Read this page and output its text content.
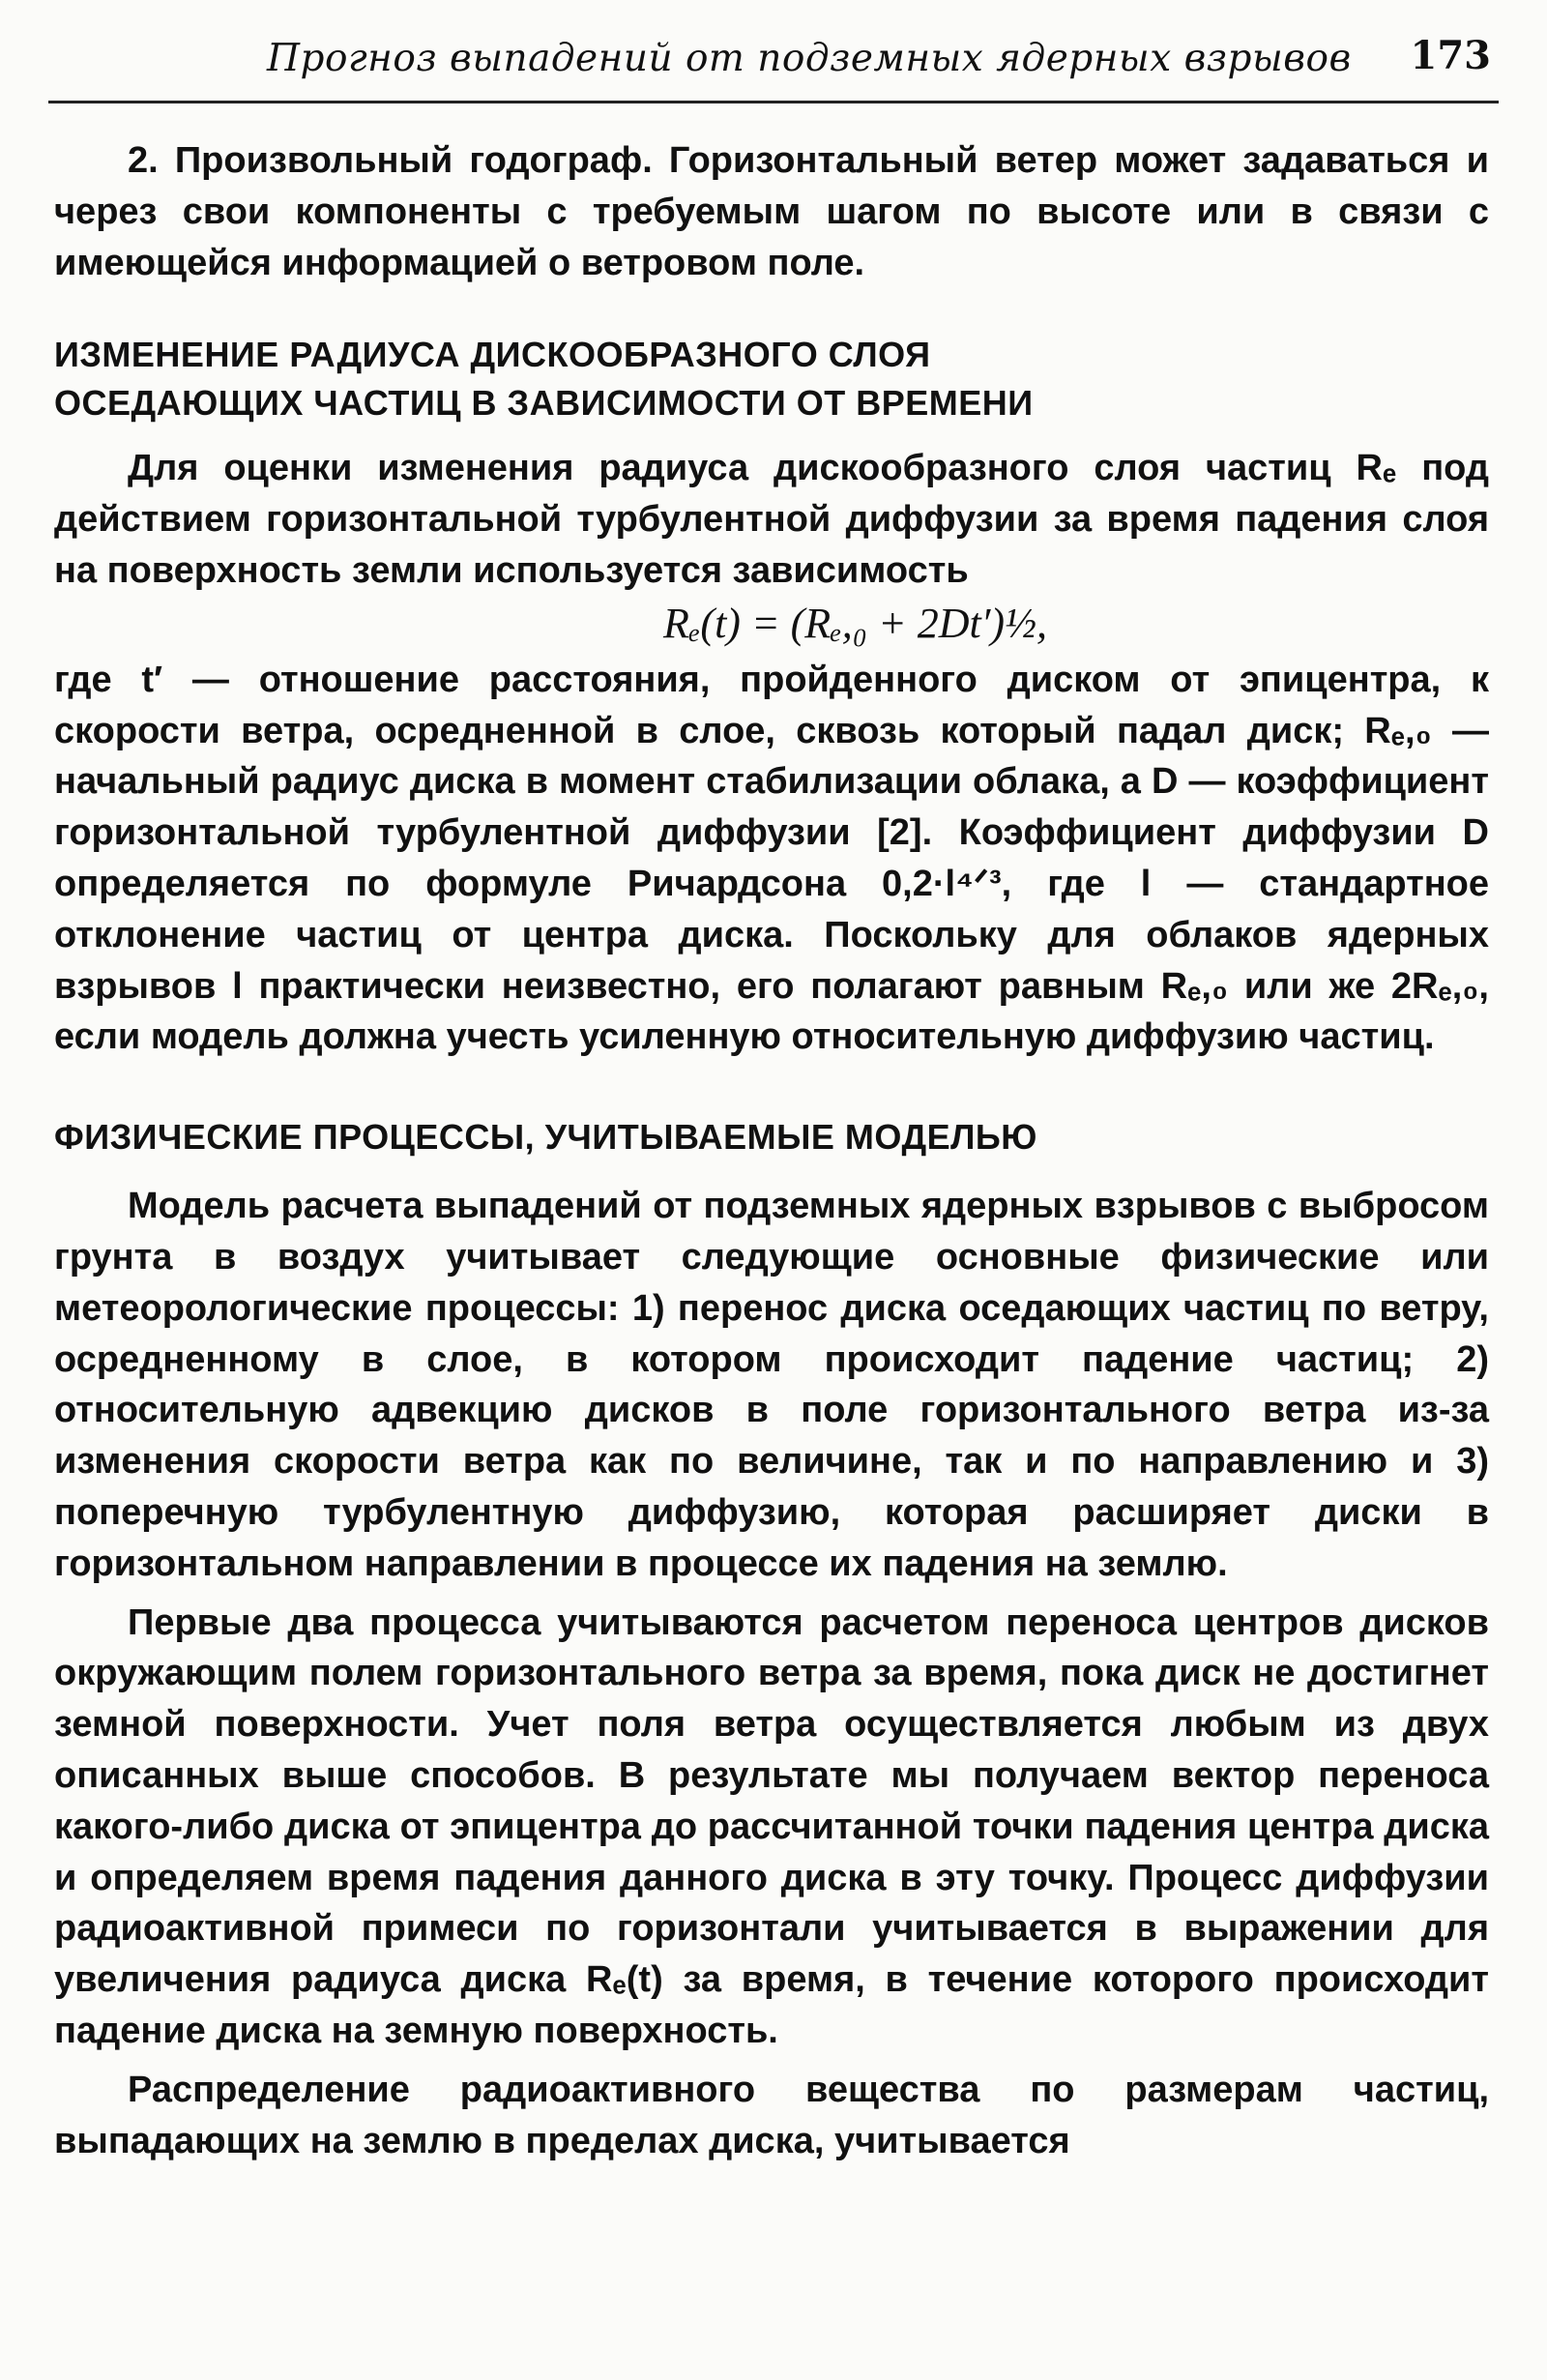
Прогноз выпадений от подземных ядерных взрывов 173

2. Произвольный годограф. Горизонтальный ветер может задаваться и через свои компоненты с требуемым шагом по высоте или в связи с имеющейся информацией о ветровом поле.

ИЗМЕНЕНИЕ РАДИУСА ДИСКООБРАЗНОГО СЛОЯ
ОСЕДАЮЩИХ ЧАСТИЦ В ЗАВИСИМОСТИ ОТ ВРЕМЕНИ

Для оценки изменения радиуса дискообразного слоя частиц Rₑ под действием горизонтальной турбулентной диффузии за время падения слоя на поверхность земли используется зависимость

Rₑ(t) = (Rₑ,₀ + 2Dt′)½,

где t′ — отношение расстояния, пройденного диском от эпицентра, к скорости ветра, осредненной в слое, сквозь который падал диск; Rₑ,₀ — начальный радиус диска в момент стабилизации облака, а D — коэффициент горизонтальной турбулентной диффузии [2]. Коэффициент диффузии D определяется по формуле Ричардсона 0,2·l⁴ᐟ³, где l — стандартное отклонение частиц от центра диска. Поскольку для облаков ядерных взрывов l практически неизвестно, его полагают равным Rₑ,₀ или же 2Rₑ,₀, если модель должна учесть усиленную относительную диффузию частиц.

ФИЗИЧЕСКИЕ ПРОЦЕССЫ, УЧИТЫВАЕМЫЕ МОДЕЛЬЮ

Модель расчета выпадений от подземных ядерных взрывов с выбросом грунта в воздух учитывает следующие основные физические или метеорологические процессы: 1) перенос диска оседающих частиц по ветру, осредненному в слое, в котором происходит падение частиц; 2) относительную адвекцию дисков в поле горизонтального ветра из-за изменения скорости ветра как по величине, так и по направлению и 3) поперечную турбулентную диффузию, которая расширяет диски в горизонтальном направлении в процессе их падения на землю.

Первые два процесса учитываются расчетом переноса центров дисков окружающим полем горизонтального ветра за время, пока диск не достигнет земной поверхности. Учет поля ветра осуществляется любым из двух описанных выше способов. В результате мы получаем вектор переноса какого-либо диска от эпицентра до рассчитанной точки падения центра диска и определяем время падения данного диска в эту точку. Процесс диффузии радиоактивной примеси по горизонтали учитывается в выражении для увеличения радиуса диска Rₑ(t) за время, в течение которого происходит падение диска на земную поверхность.

Распределение радиоактивного вещества по размерам частиц, выпадающих на землю в пределах диска, учитывается
